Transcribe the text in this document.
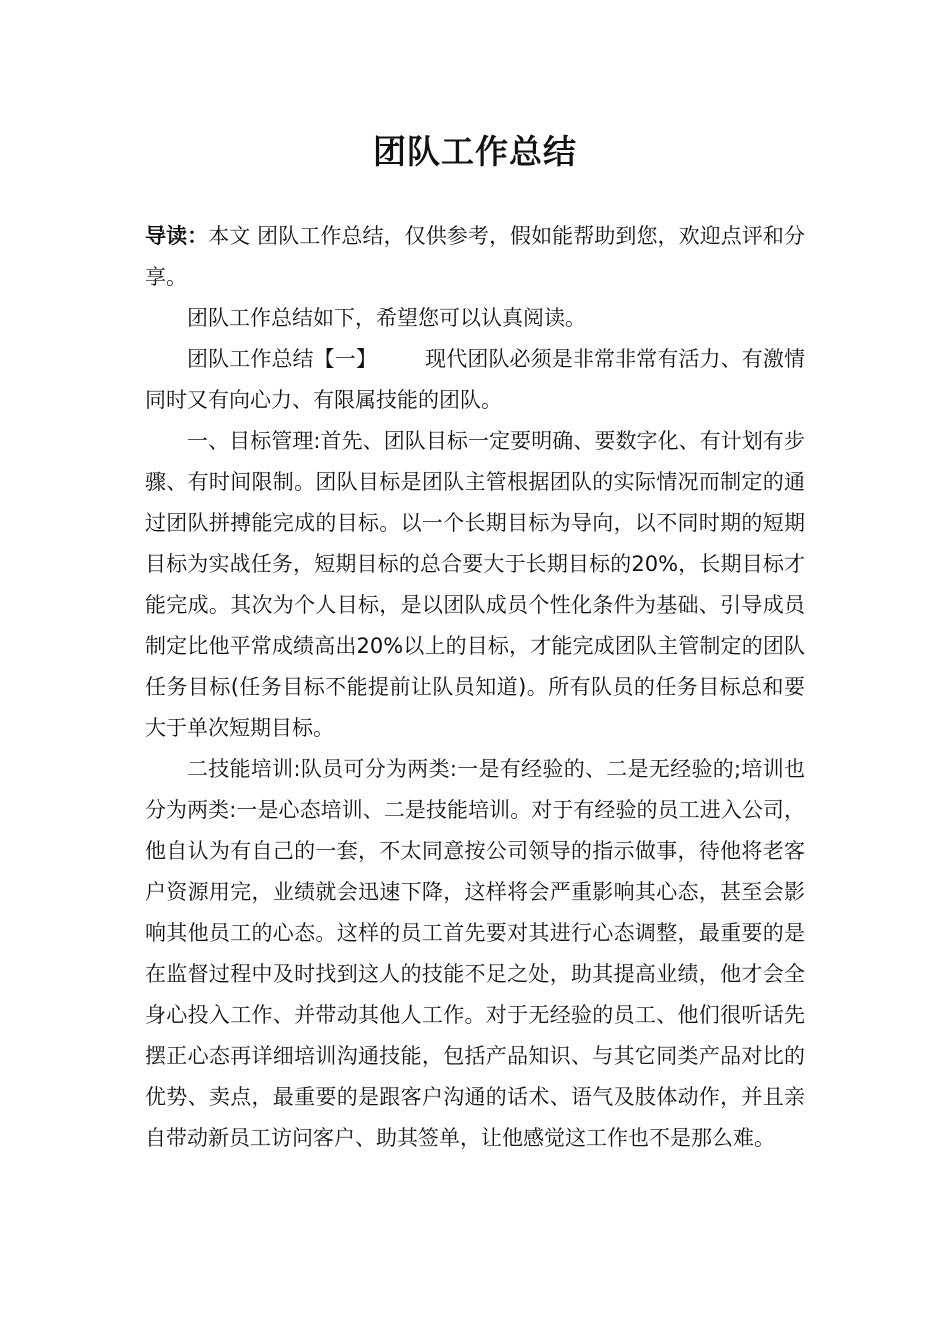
团队工作总结

导读：本文 团队工作总结，仅供参考，假如能帮助到您，欢迎点评和分享。

团队工作总结如下，希望您可以认真阅读。

团队工作总结【一】 现代团队必须是非常非常有活力、有激情同时又有向心力、有限属技能的团队。

一、目标管理:首先、团队目标一定要明确、要数字化、有计划有步骤、有时间限制。团队目标是团队主管根据团队的实际情况而制定的通过团队拼搏能完成的目标。以一个长期目标为导向，以不同时期的短期目标为实战任务，短期目标的总合要大于长期目标的20%，长期目标才能完成。其次为个人目标，是以团队成员个性化条件为基础、引导成员制定比他平常成绩高出20%以上的目标，才能完成团队主管制定的团队任务目标(任务目标不能提前让队员知道)。所有队员的任务目标总和要大于单次短期目标。

二技能培训:队员可分为两类:一是有经验的、二是无经验的;培训也分为两类:一是心态培训、二是技能培训。对于有经验的员工进入公司，他自认为有自己的一套，不太同意按公司领导的指示做事，待他将老客户资源用完，业绩就会迅速下降，这样将会严重影响其心态，甚至会影响其他员工的心态。这样的员工首先要对其进行心态调整，最重要的是在监督过程中及时找到这人的技能不足之处，助其提高业绩，他才会全身心投入工作、并带动其他人工作。对于无经验的员工、他们很听话先摆正心态再详细培训沟通技能，包括产品知识、与其它同类产品对比的优势、卖点，最重要的是跟客户沟通的话术、语气及肢体动作，并且亲自带动新员工访问客户、助其签单，让他感觉这工作也不是那么难。
